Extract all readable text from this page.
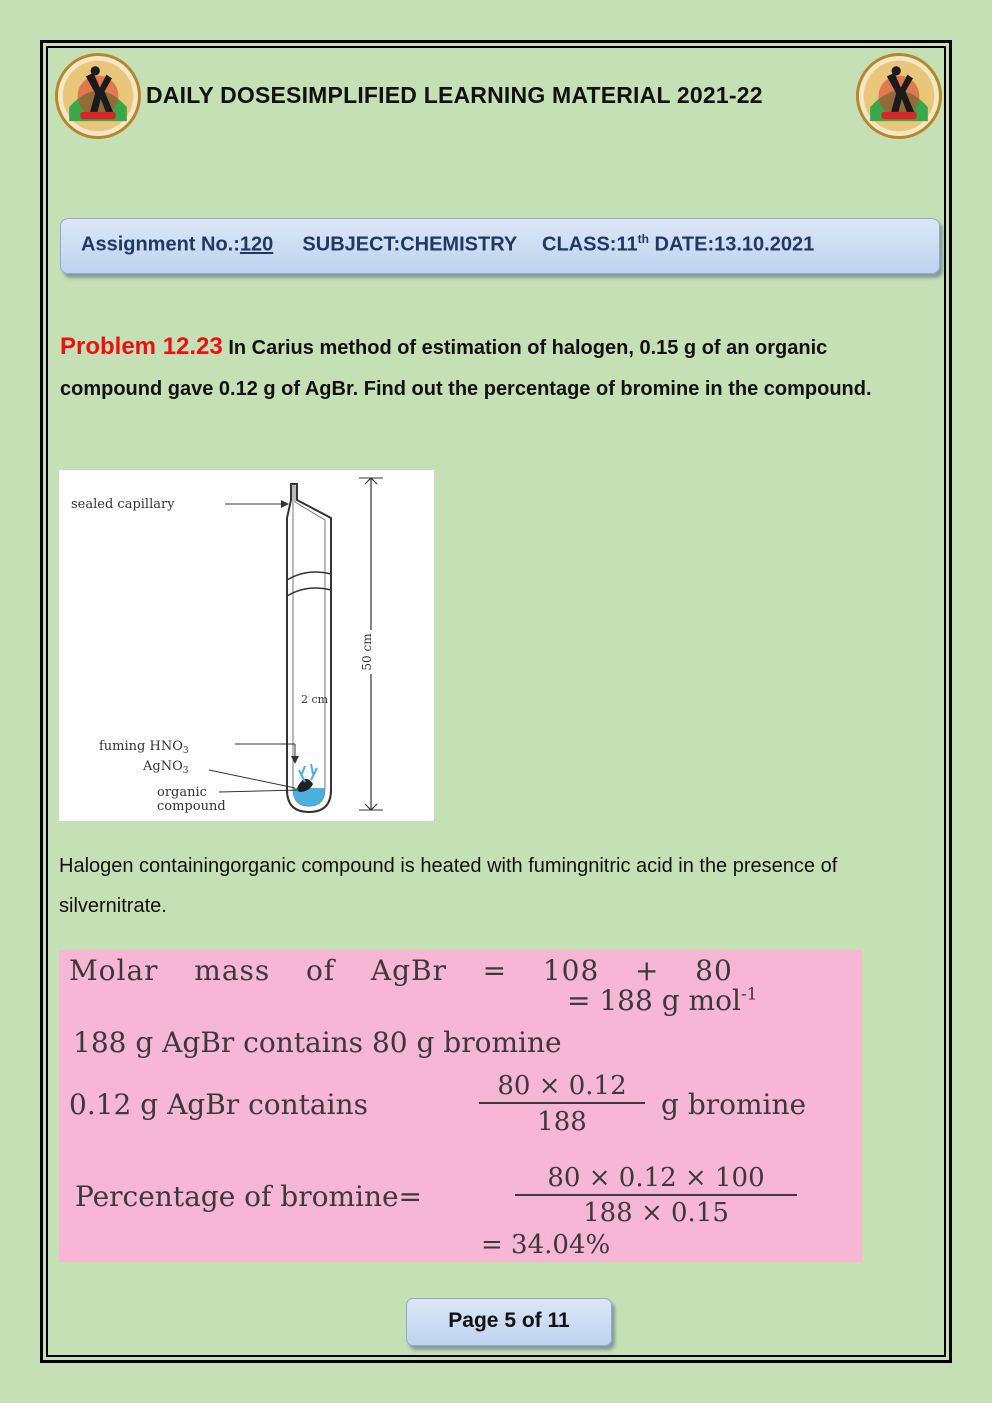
DAILY DOSESIMPLIFIED LEARNING MATERIAL 2021-22
Assignment No.:120 SUBJECT:CHEMISTRY CLASS:11th DATE:13.10.2021
Problem 12.23 In Carius method of estimation of halogen, 0.15 g of an organic compound gave 0.12 g of AgBr. Find out the percentage of bromine in the compound.
50 cm
2 cm
sealed capillary
fuming $HNO_3$
AgNO$_3$
organic
compound
Halogen containingorganic compound is heated with fumingnitric acid in the presence of silvernitrate.
Molar   mass   of   AgBr   =   108   +   80
= 188 g mol$^{-1}$
188 g AgBr contains 80 g bromine
0.12 g AgBr contains	$\frac{80 \times 0.12}{188}$ g bromine
Percentage of bromine=	$\frac{80 \times 0.12 \times 100}{188 \times 0.15}$
= 34.04%
Page 5 of 11
